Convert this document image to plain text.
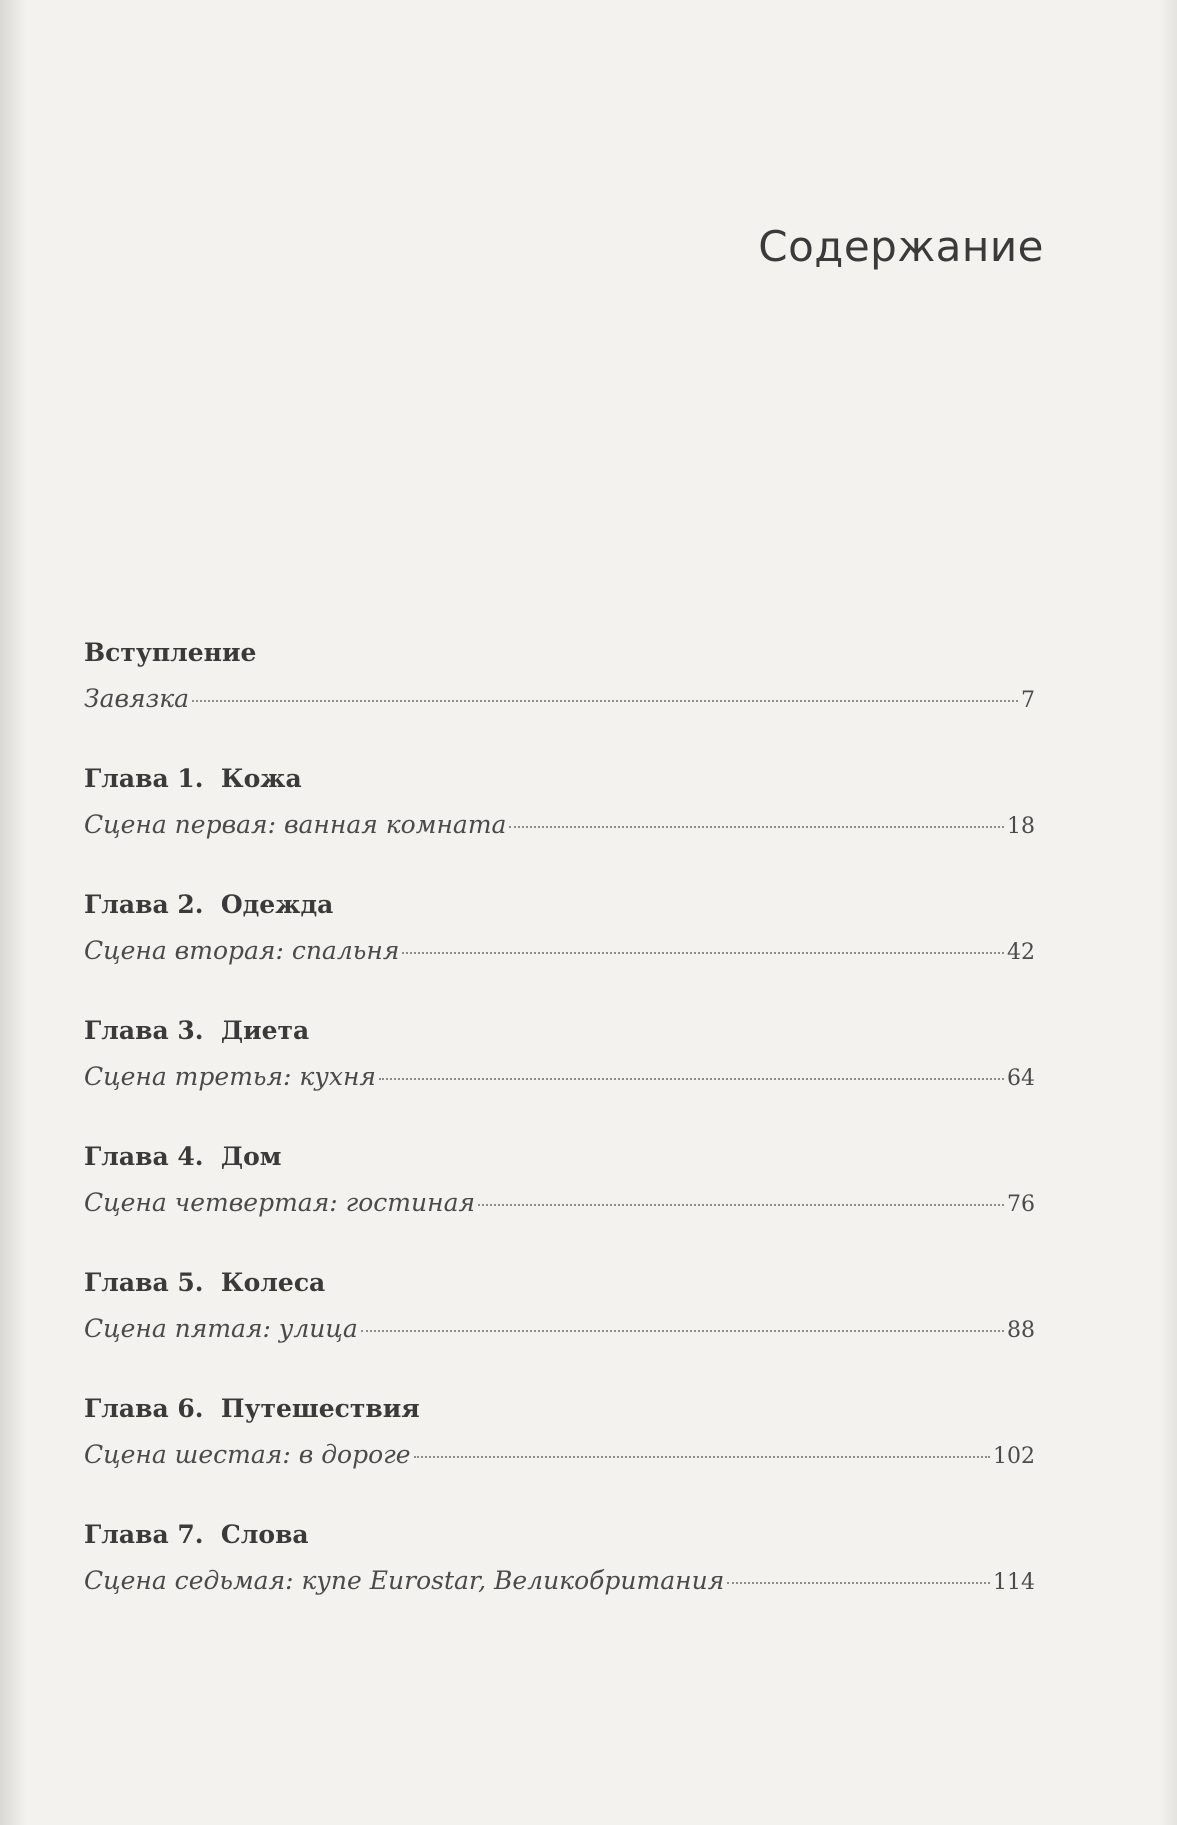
Содержание
Вступление
Завязка	7
Глава 1.  Кожа
Сцена первая: ванная комната	18
Глава 2.  Одежда
Сцена вторая: спальня	42
Глава 3.  Диета
Сцена третья: кухня	64
Глава 4.  Дом
Сцена четвертая: гостиная	76
Глава 5.  Колеса
Сцена пятая: улица	88
Глава 6.  Путешествия
Сцена шестая: в дороге	102
Глава 7.  Слова
Сцена седьмая: купе Eurostar, Великобритания	114
